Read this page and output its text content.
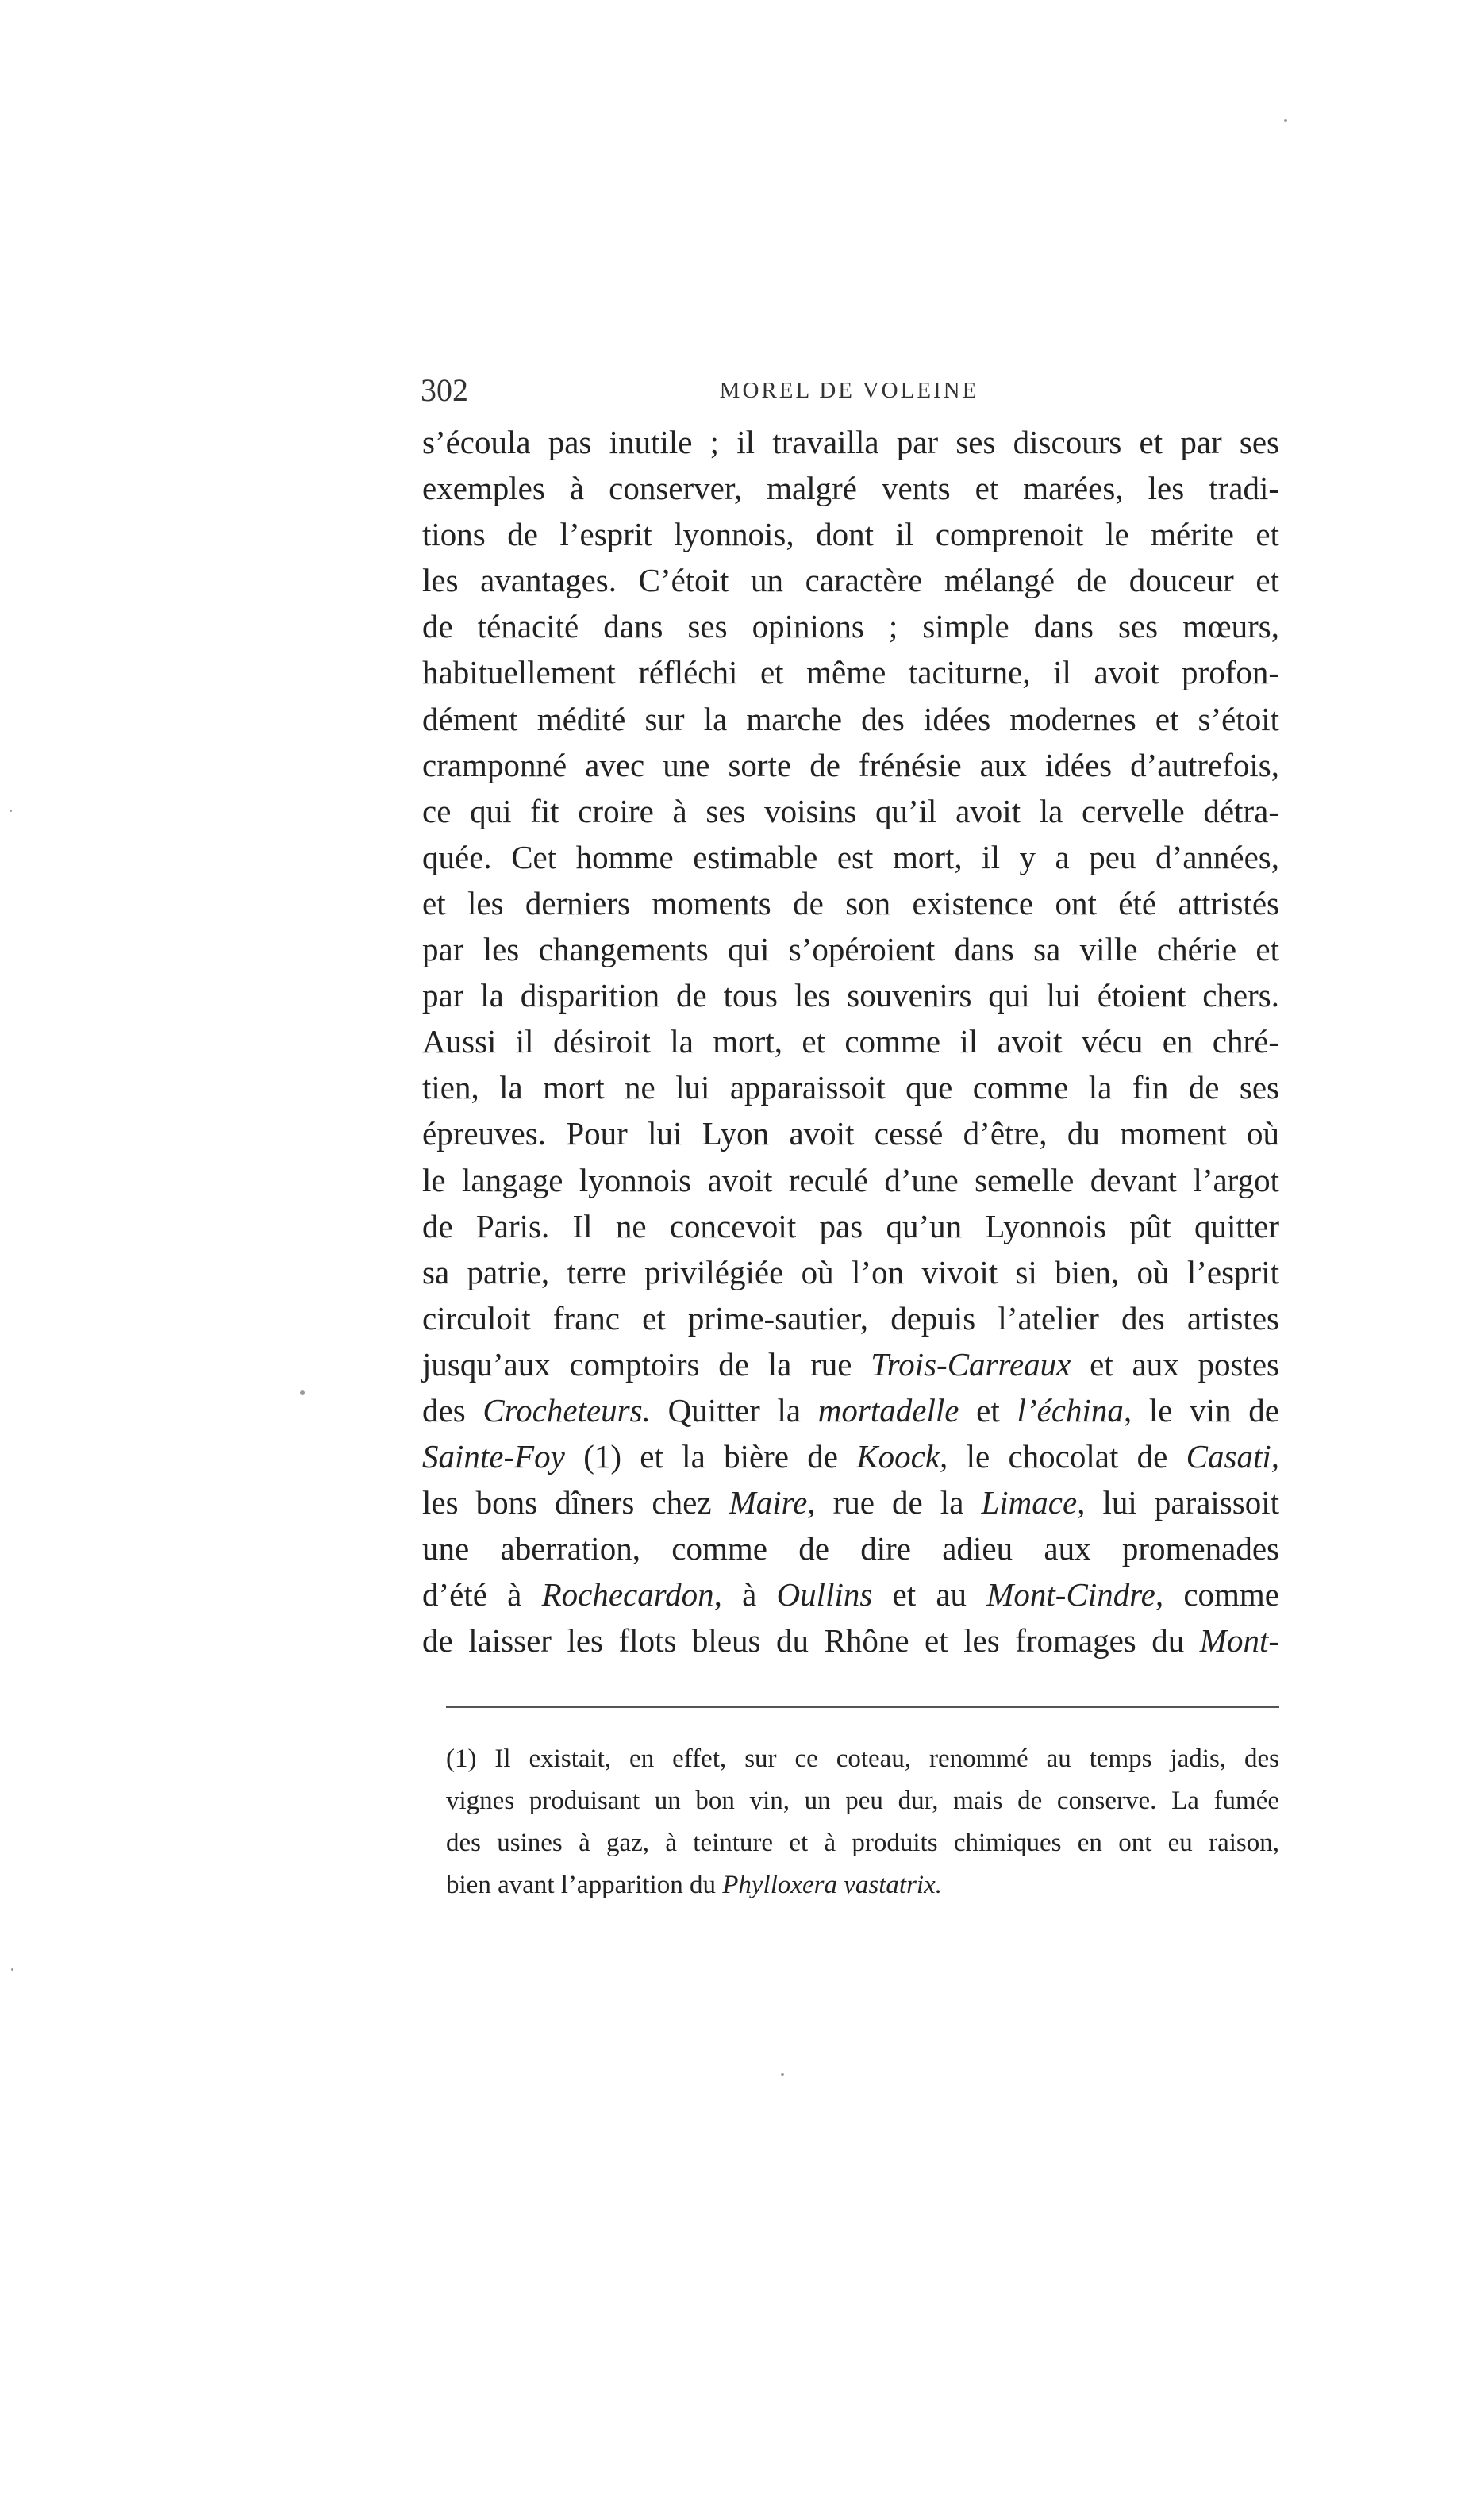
302	MOREL DE VOLEINE
s’écoula pas inutile ; il travailla par ses discours et par ses
exemples à conserver, malgré vents et marées, les tradi-
tions de l’esprit lyonnois, dont il comprenoit le mérite et
les avantages. C’étoit un caractère mélangé de douceur et
de ténacité dans ses opinions ; simple dans ses mœurs,
habituellement réfléchi et même taciturne, il avoit profon-
dément médité sur la marche des idées modernes et s’étoit
cramponné avec une sorte de frénésie aux idées d’autrefois,
ce qui fit croire à ses voisins qu’il avoit la cervelle détra-
quée. Cet homme estimable est mort, il y a peu d’années,
et les derniers moments de son existence ont été attristés
par les changements qui s’opéroient dans sa ville chérie et
par la disparition de tous les souvenirs qui lui étoient chers.
Aussi il désiroit la mort, et comme il avoit vécu en chré-
tien, la mort ne lui apparaissoit que comme la fin de ses
épreuves. Pour lui Lyon avoit cessé d’être, du moment où
le langage lyonnois avoit reculé d’une semelle devant l’argot
de Paris. Il ne concevoit pas qu’un Lyonnois pût quitter
sa patrie, terre privilégiée où l’on vivoit si bien, où l’esprit
circuloit franc et prime-sautier, depuis l’atelier des artistes
jusqu’aux comptoirs de la rue Trois-Carreaux et aux postes
des Crocheteurs. Quitter la mortadelle et l’échina, le vin de
Sainte-Foy (1) et la bière de Koock, le chocolat de Casati,
les bons dîners chez Maire, rue de la Limace, lui paraissoit
une aberration, comme de dire adieu aux promenades
d’été à Rochecardon, à Oullins et au Mont-Cindre, comme
de laisser les flots bleus du Rhône et les fromages du Mont-
(1) Il existait, en effet, sur ce coteau, renommé au temps jadis, des
vignes produisant un bon vin, un peu dur, mais de conserve. La fumée
des usines à gaz, à teinture et à produits chimiques en ont eu raison,
bien avant l’apparition du Phylloxera vastatrix.
